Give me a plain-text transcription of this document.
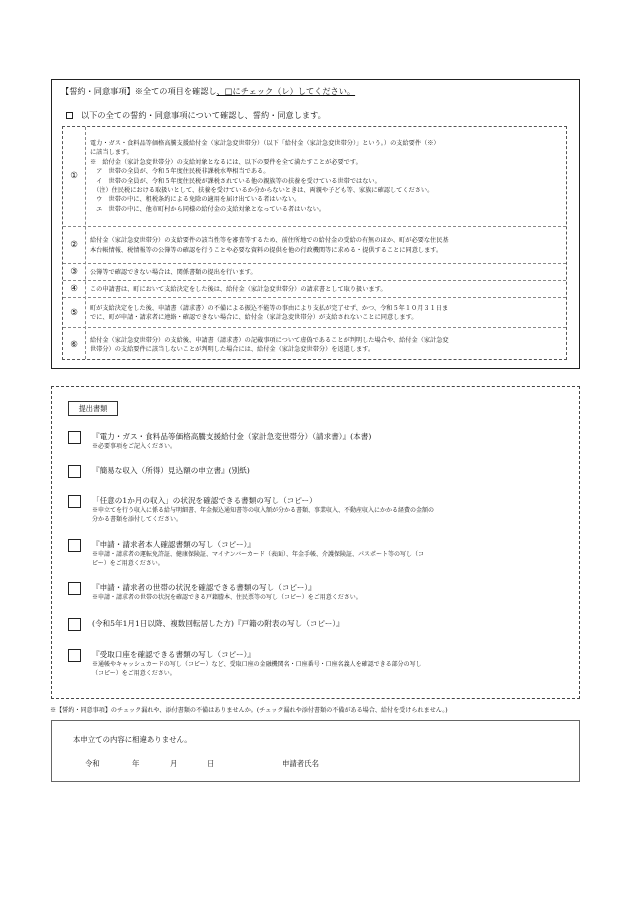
【誓約・同意事項】※全ての項目を確認し、□にチェック（レ）してください。
以下の全ての誓約・同意事項について確認し、誓約・同意します。
①
電力・ガス・食料品等価格高騰支援給付金（家計急変世帯分）（以下「給付金（家計急変世帯分）」という。）の支給要件（※）
に該当します。
※　給付金（家計急変世帯分）の支給対象となるには、以下の要件を全て満たすことが必要です。
　ア　世帯の全員が、令和５年度住民税非課税水準相当である。
　イ　世帯の全員が、令和５年度住民税が課税されている他の親族等の扶養を受けている世帯ではない。
　（注）住民税における取扱いとして、扶養を受けているか分からないときは、両親や子ども等、家族に確認してください。
　ウ　世帯の中に、租税条約による免除の適用を届け出ている者はいない。
　エ　世帯の中に、他市町村から同様の給付金の支給対象となっている者はいない。
②	給付金（家計急変世帯分）の支給要件の該当性等を審査等するため、前住所地での給付金の受給の有無のほか、町が必要な住民基
本台帳情報、税情報等の公簿等の確認を行うことや必要な資料の提供を他の行政機関等に求める・提供することに同意します。
③	公簿等で確認できない場合は、関係書類の提出を行います。
④	この申請書は、町において支給決定をした後は、給付金（家計急変世帯分）の請求書として取り扱います。
⑤	町が支給決定をした後、申請書（請求書）の不備による振込不能等の事由により支払が完了せず、かつ、令和５年１０月３１日ま
でに、町が申請・請求者に連絡・確認できない場合に、給付金（家計急変世帯分）が支給されないことに同意します。
⑥	給付金（家計急変世帯分）の支給後、申請書（請求書）の記載事項について虚偽であることが判明した場合や、給付金（家計急変
世帯分）の支給要件に該当しないことが判明した場合には、給付金（家計急変世帯分）を返還します。
提出書類
『電力・ガス・食料品等価格高騰支援給付金（家計急変世帯分）（請求書）』(本書)
※必要事項をご記入ください。
『簡易な収入（所得）見込額の申立書』(別紙)
「任意の1か月の収入」の状況を確認できる書類の写し（コピー）
※申立てを行う収入に係る給与明細書、年金振込通知書等の収入額が分かる書類、事業収入、不動産収入にかかる経費の金額の
分かる書類を添付してください。
『申請・請求者本人確認書類の写し（コピー）』
※申請・請求者の運転免許証、健康保険証、マイナンバーカード（表面）、年金手帳、介護保険証、パスポート等の写し（コ
ピー）をご用意ください。
『申請・請求者の世帯の状況を確認できる書類の写し（コピー）』
※申請・請求者の世帯の状況を確認できる戸籍謄本、住民票等の写し（コピー）をご用意ください。
(令和5年1月1日以降、複数回転居した方)『戸籍の附表の写し（コピー）』
『受取口座を確認できる書類の写し（コピー）』
※通帳やキャッシュカードの写し（コピー）など、受取口座の金融機関名・口座番号・口座名義人を確認できる部分の写し
（コピー）をご用意ください。
※【誓約・同意事項】のチェック漏れや、添付書類の不備はありませんか。(チェック漏れや添付書類の不備がある場合、給付を受けられません。)
本申立ての内容に相違ありません。
令和	年	月	日	申請者氏名
